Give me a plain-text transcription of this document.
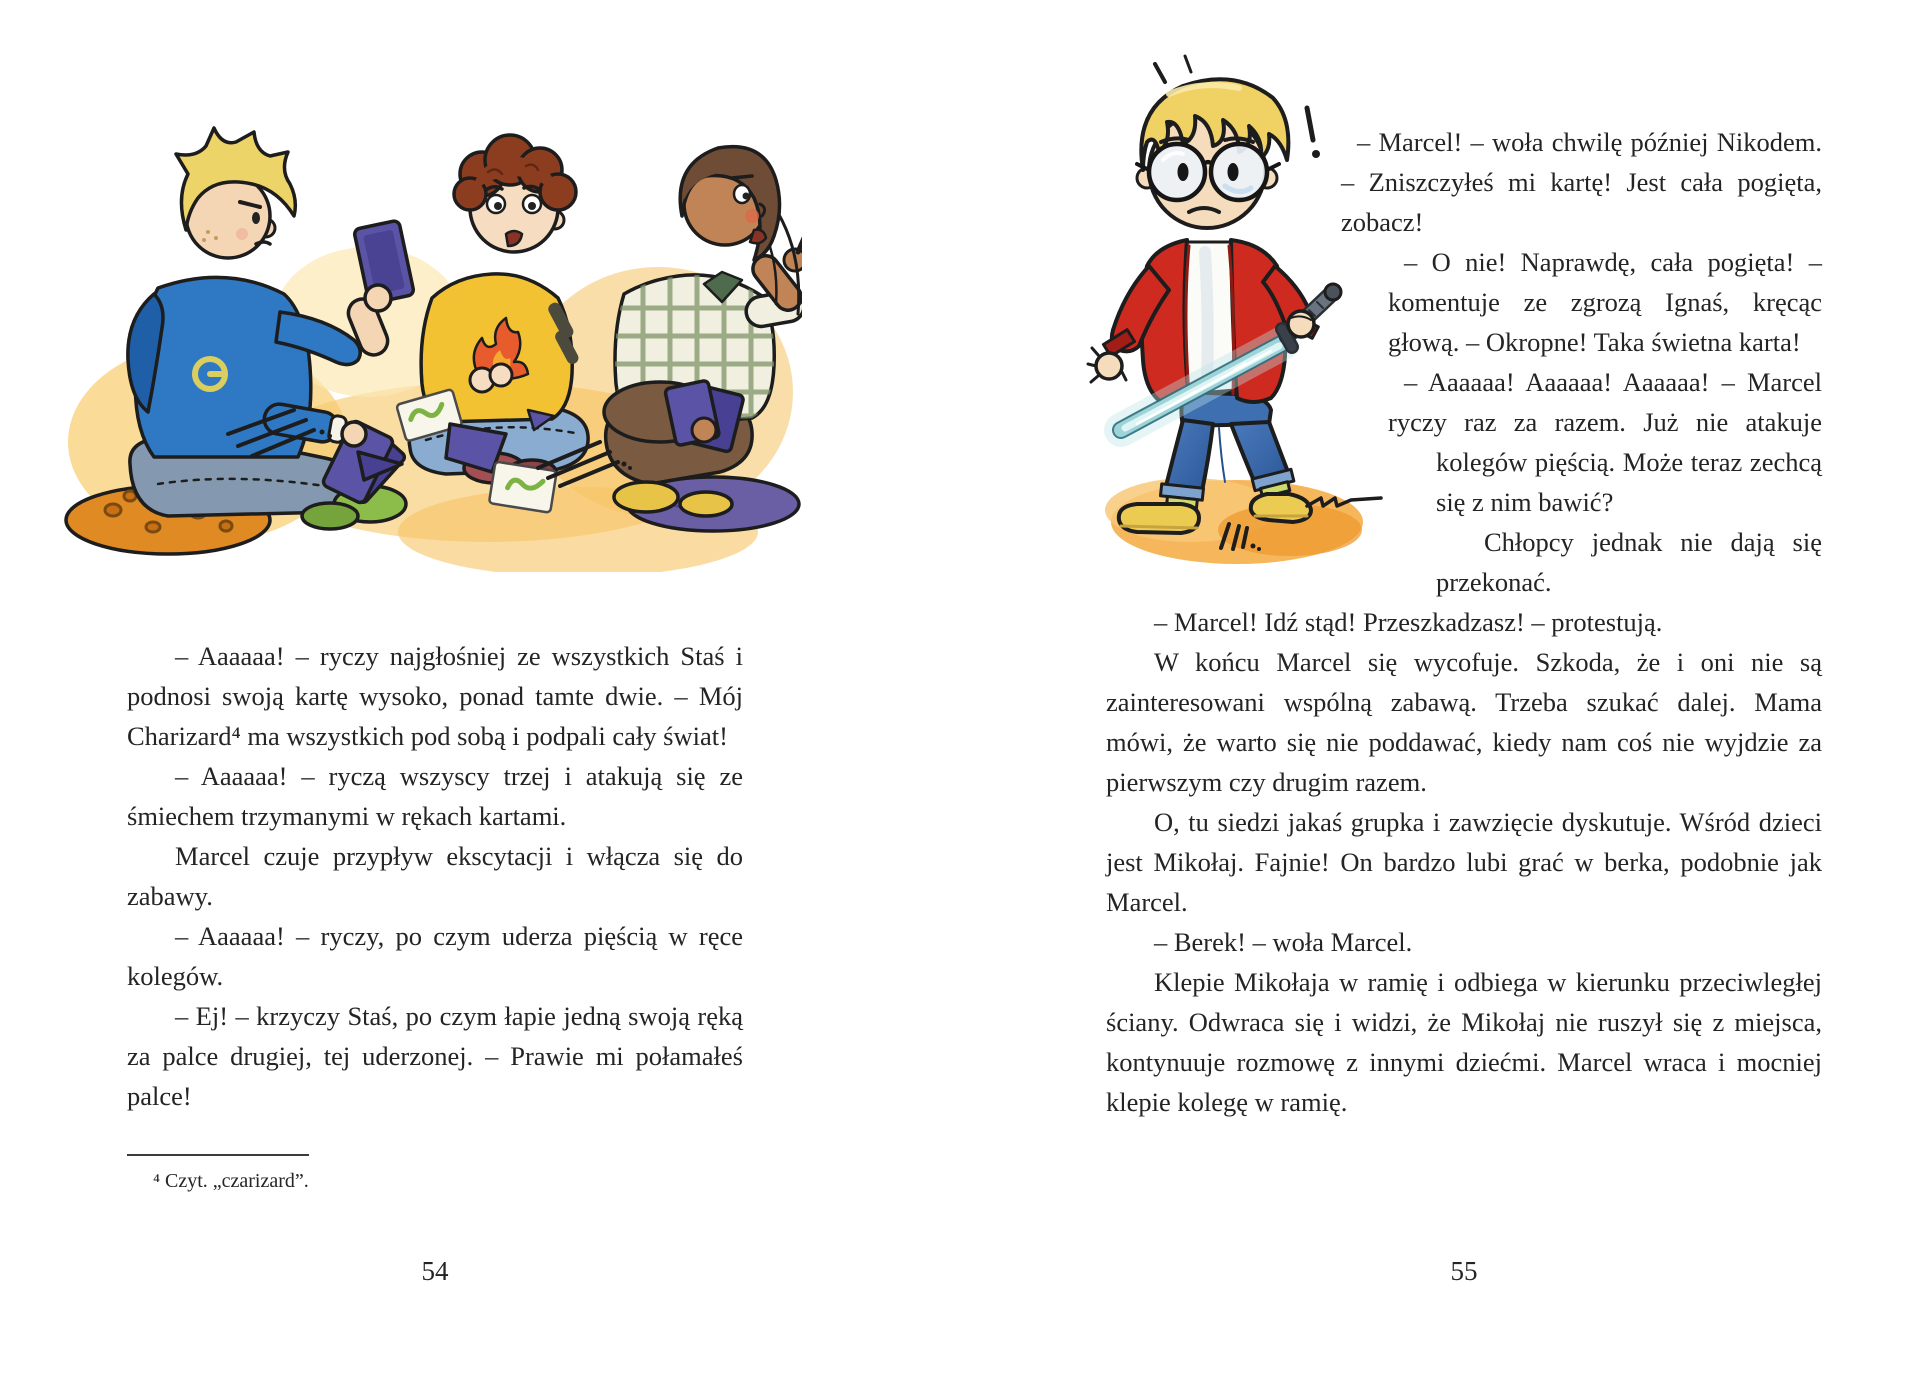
– Aaaaaa! – ryczy najgłośniej ze wszystkich Staś i podnosi swoją kartę wysoko, ponad tamte dwie. – Mój Charizard⁴ ma wszystkich pod sobą i podpali cały świat!

– Aaaaaa! – ryczą wszyscy trzej i atakują się ze śmiechem trzymanymi w rękach kartami.

Marcel czuje przypływ ekscytacji i włącza się do zabawy.

– Aaaaaa! – ryczy, po czym uderza pięścią w ręce kolegów.

– Ej! – krzyczy Staś, po czym łapie jedną swoją ręką za palce drugiej, tej uderzonej. – Prawie mi połamałeś palce!

⁴ Czyt. „czarizard”.
54

– Marcel! – woła chwilę później Nikodem. – Zniszczyłeś mi kartę! Jest cała pogięta, zobacz!

– O nie! Naprawdę, cała pogięta! – komentuje ze zgrozą Ignaś, kręcąc głową. – Okropne! Taka świetna karta!

– Aaaaaa! Aaaaaa! Aaaaaa! – Marcel ryczy raz za razem. Już nie atakuje kolegów pięścią. Może teraz zechcą się z nim bawić?

Chłopcy jednak nie dają się przekonać.

– Marcel! Idź stąd! Przeszkadzasz! – protestują.

W końcu Marcel się wycofuje. Szkoda, że i oni nie są zainteresowani wspólną zabawą. Trzeba szukać dalej. Mama mówi, że warto się nie poddawać, kiedy nam coś nie wyjdzie za pierwszym czy drugim razem.

O, tu siedzi jakaś grupka i zawzięcie dyskutuje. Wśród dzieci jest Mikołaj. Fajnie! On bardzo lubi grać w berka, podobnie jak Marcel.

– Berek! – woła Marcel.

Klepie Mikołaja w ramię i odbiega w kierunku przeciwległej ściany. Odwraca się i widzi, że Mikołaj nie ruszył się z miejsca, kontynuuje rozmowę z innymi dziećmi. Marcel wraca i mocniej klepie kolegę w ramię.

55
